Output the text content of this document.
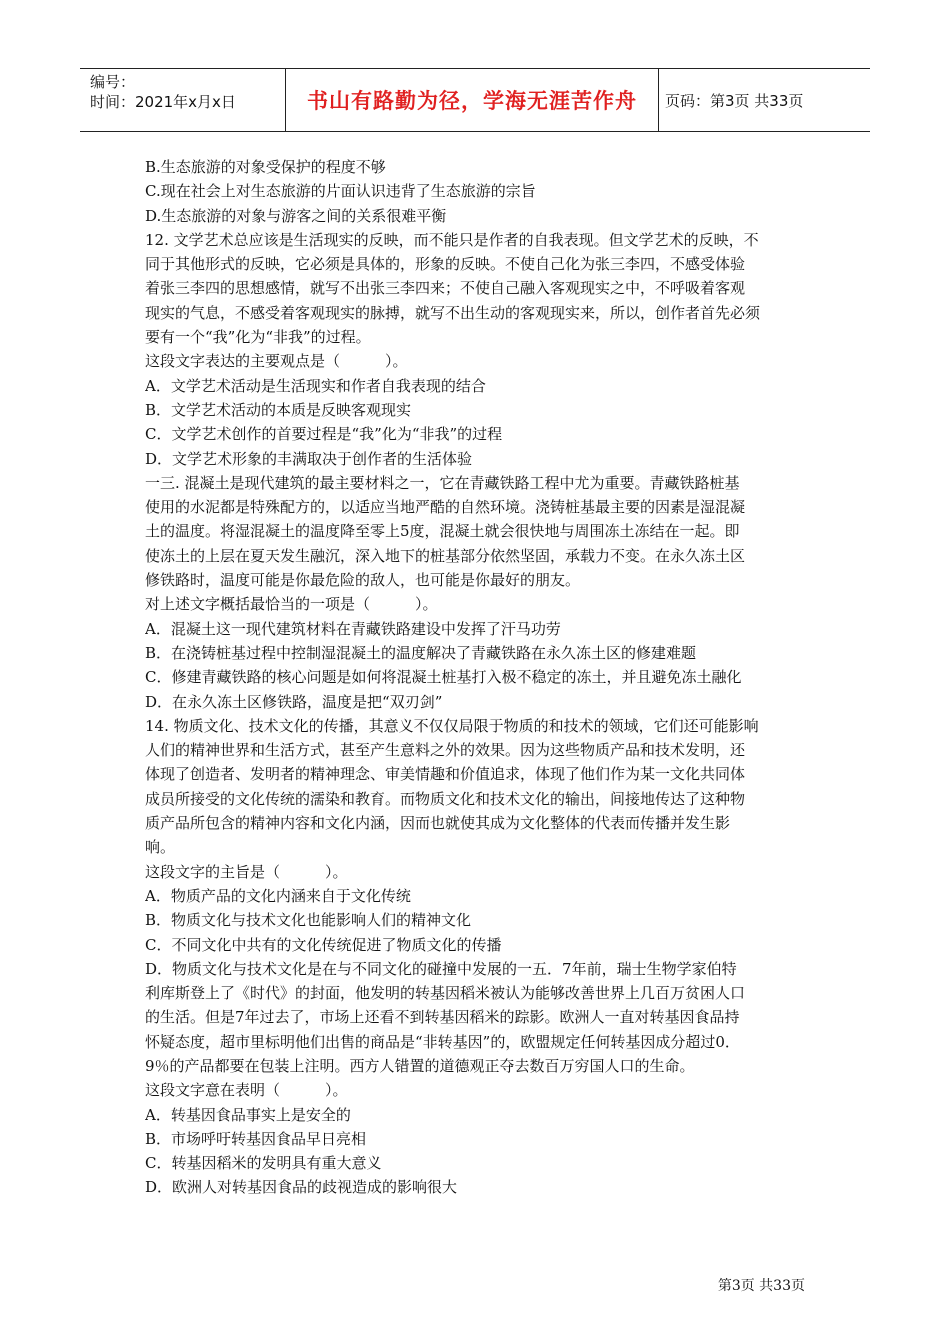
编号：
时间：2021年x月x日	书山有路勤为径，学海无涯苦作舟 页码：第3页 共33页

B.生态旅游的对象受保护的程度不够

C.现在社会上对生态旅游的片面认识违背了生态旅游的宗旨

D.生态旅游的对象与游客之间的关系很难平衡

12. 文学艺术总应该是生活现实的反映，而不能只是作者的自我表现。但文学艺术的反映，不

同于其他形式的反映，它必须是具体的，形象的反映。不使自己化为张三李四，不感受体验

着张三李四的思想感情，就写不出张三李四来；不使自己融入客观现实之中，不呼吸着客观

现实的气息，不感受着客观现实的脉搏，就写不出生动的客观现实来，所以，创作者首先必须

要有一个“我”化为“非我”的过程。

这段文字表达的主要观点是（　　　）。

A．文学艺术活动是生活现实和作者自我表现的结合

B．文学艺术活动的本质是反映客观现实

C．文学艺术创作的首要过程是“我”化为“非我”的过程

D．文学艺术形象的丰满取决于创作者的生活体验

一三. 混凝土是现代建筑的最主要材料之一，它在青藏铁路工程中尤为重要。青藏铁路桩基

使用的水泥都是特殊配方的，以适应当地严酷的自然环境。浇铸桩基最主要的因素是湿混凝

土的温度。将湿混凝土的温度降至零上5度，混凝土就会很快地与周围冻土冻结在一起。即

使冻土的上层在夏天发生融沉，深入地下的桩基部分依然坚固，承载力不变。在永久冻土区

修铁路时，温度可能是你最危险的敌人，也可能是你最好的朋友。

对上述文字概括最恰当的一项是（　　　）。

A．混凝土这一现代建筑材料在青藏铁路建设中发挥了汗马功劳

B．在浇铸桩基过程中控制湿混凝土的温度解决了青藏铁路在永久冻土区的修建难题

C．修建青藏铁路的核心问题是如何将混凝土桩基打入极不稳定的冻土，并且避免冻土融化

D．在永久冻土区修铁路，温度是把“双刃剑”

14. 物质文化、技术文化的传播，其意义不仅仅局限于物质的和技术的领域，它们还可能影响

人们的精神世界和生活方式，甚至产生意料之外的效果。因为这些物质产品和技术发明，还

体现了创造者、发明者的精神理念、审美情趣和价值追求，体现了他们作为某一文化共同体

成员所接受的文化传统的濡染和教育。而物质文化和技术文化的输出，间接地传达了这种物

质产品所包含的精神内容和文化内涵，因而也就使其成为文化整体的代表而传播并发生影

响。

这段文字的主旨是（　　　）。

A．物质产品的文化内涵来自于文化传统

B．物质文化与技术文化也能影响人们的精神文化

C．不同文化中共有的文化传统促进了物质文化的传播

D．物质文化与技术文化是在与不同文化的碰撞中发展的一五．7年前，瑞士生物学家伯特

利库斯登上了《时代》的封面，他发明的转基因稻米被认为能够改善世界上几百万贫困人口

的生活。但是7年过去了，市场上还看不到转基因稻米的踪影。欧洲人一直对转基因食品持

怀疑态度，超市里标明他们出售的商品是“非转基因”的，欧盟规定任何转基因成分超过0．

9％的产品都要在包装上注明。西方人错置的道德观正夺去数百万穷国人口的生命。

这段文字意在表明（　　　）。

A．转基因食品事实上是安全的

B．市场呼吁转基因食品早日亮相

C．转基因稻米的发明具有重大意义

D．欧洲人对转基因食品的歧视造成的影响很大

第3页 共33页
